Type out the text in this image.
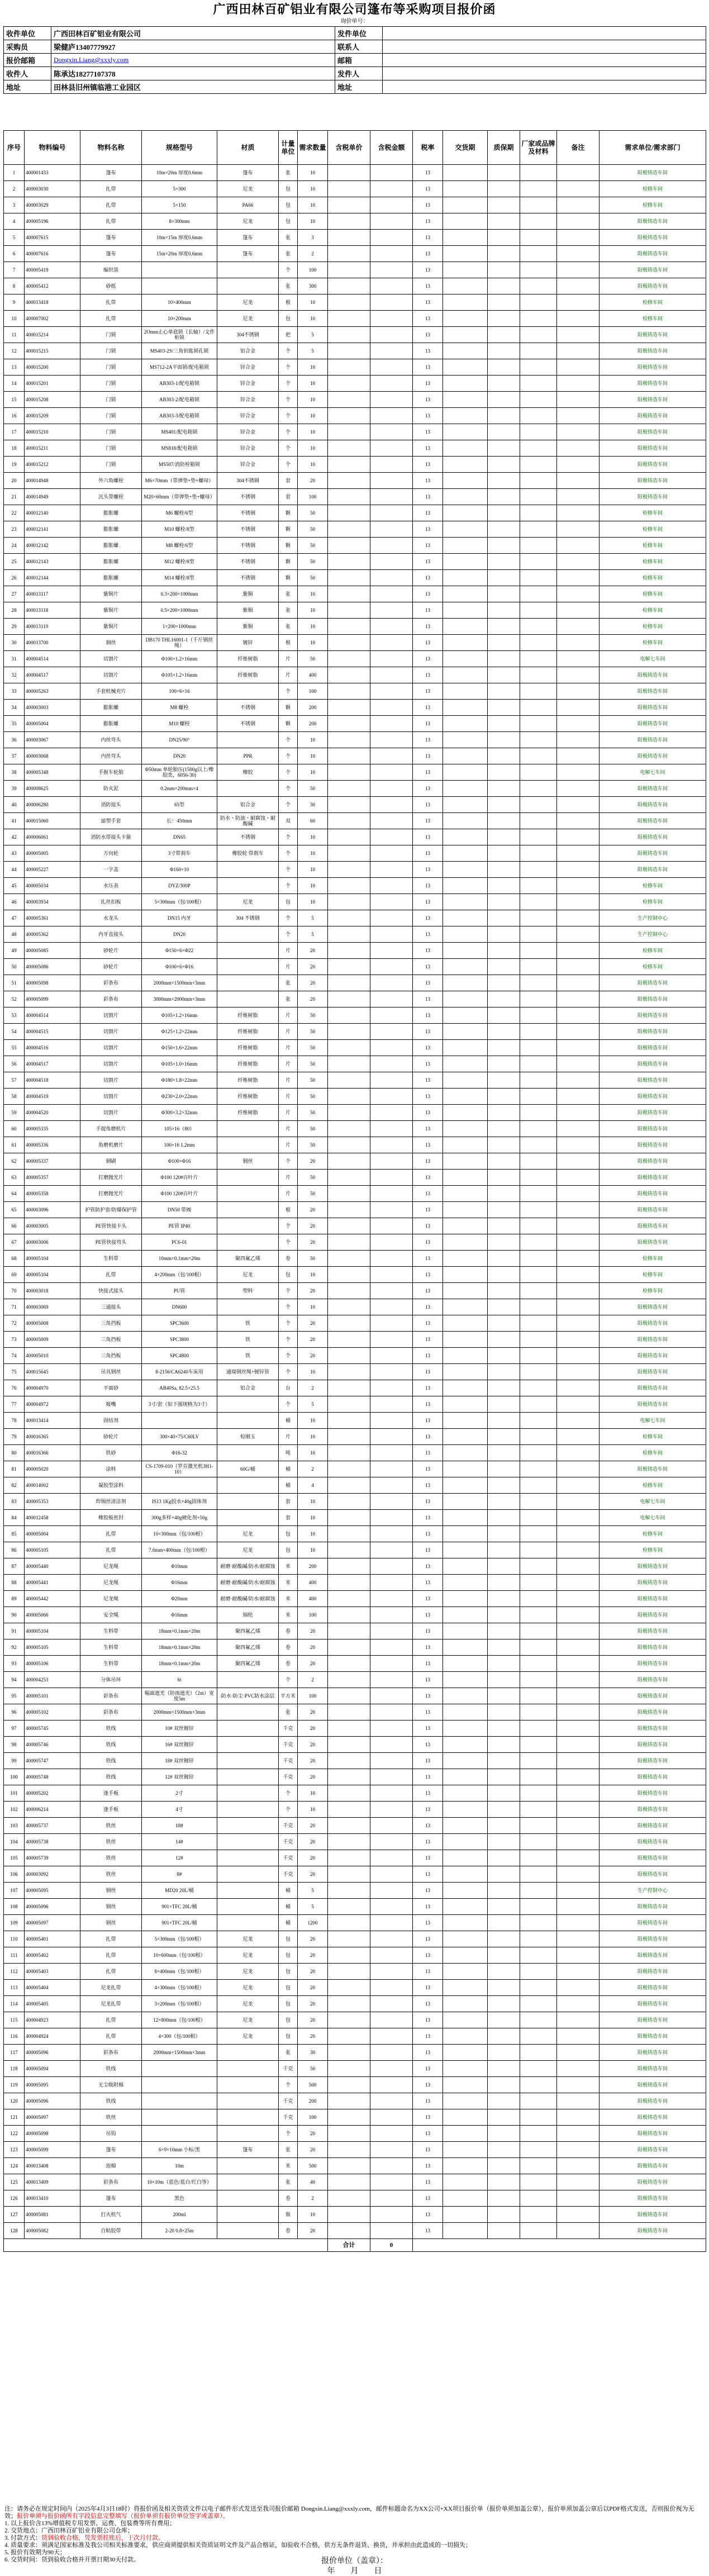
广西田林百矿铝业有限公司篷布等采购项目报价函
询价单号：
收件单位	广西田林百矿铝业有限公司	发件单位	
采购员	梁健庐13407779927	联系人	
报价邮箱	Dongxin.Liang@xxxly.com	邮箱	
收件人	陈承达18277107378	发件人	
地址	田林县旧州镇临港工业园区	地址	
序号	物料编号	物料名称	规格型号	材质	计量单位	需求数量	含税单价	含税金额	税率	交货期	质保期	厂家或品牌及材料	备注	需求单位/需求部门
1	400001433	篷布	10m×20m 厚度0.6mm	篷布	张	10			13					阳极铸造车间
2	400003030	扎带	5×300	尼龙	包	10			13					检修车间
3	400003029	扎带	5×150	PA66	包	10			13					检修车间
4	400005196	扎带	8×300mm	尼龙	包	10			13					阳极铸造车间
5	400007615	篷布	10m×15m 厚度0.6mm	篷布	张	3			13					阳极铸造车间
6	400007616	篷布	15m×20m 厚度0.6mm	篷布	张	2			13					阳极铸造车间
7	400005419	编织袋			个	100			13					阳极铸造车间
8	400005412	砂纸			张	300			13					阳极铸造车间
9	400013418	扎带	10×400mm	尼龙	根	10			13					检修车间
10	400007002	扎带	10×200mm	尼龙	包	10			13					检修车间
11	400015214	门锁	2Omm止心单底锁（长轴）/文件柜锁	304不锈钢	把	5			13					阳极铸造车间
12	400015215	门锁	MS403-2S/三角钥匙锁孔锁	铝合金	个	5			13					阳极铸造车间
13	400015200	门锁	MS712-2A平面锁/配电箱锁	锌合金	个	10			13					阳极铸造车间
14	400015201	门锁	AB303-1/配电箱锁	锌合金	个	10			13					阳极铸造车间
15	400015208	门锁	AB303-2/配电箱锁	锌合金	个	10			13					阳极铸造车间
16	400015209	门锁	AB303-3/配电箱锁	锌合金	个	10			13					阳极铸造车间
17	400015210	门锁	MS401/配电箱锁	锌合金	个	10			13					阳极铸造车间
18	400015211	门锁	MS818/配电箱锁	锌合金	个	10			13					阳极铸造车间
19	400015212	门锁	MS507/消防栓箱锁	锌合金	个	10			13					阳极铸造车间
20	400014948	外六角螺栓	M6×70mm（带弹垫+垫+螺母）	304不锈钢	套	20			13					阳极铸造车间
21	400014949	沉头带螺栓	M20×60mm（带弹垫+垫+螺母）	不锈钢	套	100			13					阳极铸造车间
22	400012140	膨胀螺	M6 螺栓/6型	不锈钢	颗	50			13					检修车间
23	400012141	膨胀螺	M10 螺栓/8型	不锈钢	颗	50			13					检修车间
24	400012142	膨胀螺	M8 螺栓/6型	不锈钢	颗	50			13					检修车间
25	400012143	膨胀螺	M12 螺栓/8型	不锈钢	颗	50			13					检修车间
26	400012144	膨胀螺	M14 螺栓/8型	不锈钢	颗	50			13					检修车间
27	400013117	紫铜片	0.3×200×1000mm	紫铜	张	10			13					检修车间
28	400013118	紫铜片	0.5×200×1000mm	紫铜	张	10			13					检修车间
29	400013119	紫铜片	1×200×1000mm	紫铜	张	10			13					检修车间
30	400013700	钢丝	DB170 THL16001-1（千斤钢丝绳）	镀锌	根	10			13					检修车间
31	400004514	切割片	Φ100×1.2×16mm	纤维树脂	片	50			13					电解七车间
32	400004517	切割片	Φ105×1.2×16mm	纤维树脂	片	400			13					阳极铸造车间
33	400005263	手套机械充片	100×6×16		个	100			13					阳极铸造车间
34	400003003	膨胀螺	M8 螺栓	不锈钢	颗	200			13					阳极铸造车间
35	400005004	膨胀螺	M10 螺栓	不锈钢	颗	200			13					阳极铸造车间
36	400003067	内丝弯头	DN25/90°		个	10			13					阳极铸造车间
37	400003068	内丝弯头	DN20	PPR	个	10			13					阳极铸造车间
38	400005348	手握车轮胎	Φ50mm 单轮胎压(1500g以上/橡胶类，6056-30)	橡胶	个	10			13					电解七车间
39	400008625	防火泥	0.2mm×200mm×4		个	50			13					阳极铸造车间
40	400006280	消防接头	65型	铝合金	个	30			13					阳极铸造车间
41	400015060	滤塑手套	长：450mm	防水・防油・耐腐蚀・耐酸碱	双	60			13					阳极铸造车间
42	400006061	消防水带接头卡箍	DN65	不锈钢	个	10			13					阳极铸造车间
43	400005005	万向轮	3寸带刹车	橡胶轮 带刹车	个	10			13					阳极铸造车间
44	400005227	一字盖	Φ160×10		个	10			13					阳极铸造车间
45	400005034	水压表	DYZ/300P		个	10			13					检修车间
46	400003934	扎丝扣板	5×300mm（包/100根）	尼龙	包	10			13					检修车间
47	400005361	水龙头	DN15 内牙	304 不锈钢	个	5			13					生产控制中心
48	400005362	内牙直接头	DN20		个	5			13					生产控制中心
49	400005085	砂轮片	Φ150×6×Φ22		片	20			13					检修车间
50	400005086	砂轮片	Φ100×6×Φ16		片	20			13					检修车间
51	400005098	彩条布	2000mm×1500mm×3mm		张	20			13					阳极铸造车间
52	400005099	彩条布	3000mm×2000mm×3mm		张	20			13					阳极铸造车间
53	400004514	切割片	Φ105×1.2×16mm	纤维树脂	片	50			13					阳极铸造车间
54	400004515	切割片	Φ125×1.2×22mm	纤维树脂	片	50			13					阳极铸造车间
55	400004516	切割片	Φ150×1.6×22mm	纤维树脂	片	50			13					阳极铸造车间
56	400004517	切割片	Φ105×1.0×16mm	纤维树脂	片	50			13					阳极铸造车间
57	400004518	切割片	Φ180×1.8×22mm	纤维树脂	片	50			13					阳极铸造车间
58	400004519	切割片	Φ230×2.0×22mm	纤维树脂	片	50			13					阳极铸造车间
59	400004520	切割片	Φ300×3.2×32mm	纤维树脂	片	50			13					阳极铸造车间
60	400005335	手提角磨机片	105×16（80）		片	50			13					阳极铸造车间
61	400005336	角磨机磨片	100×16 1.2mm		片	50			13					阳极铸造车间
62	400005337	钢刷	Φ100×Φ16	钢丝	个	20			13					阳极铸造车间
63	400005357	打磨抛光片	Φ100 120#百叶片		片	50			13					阳极铸造车间
64	400005358	打磨抛光片	Φ100 120#百叶片		片	50			13					阳极铸造车间
65	400003096	护管防护套/防爆保护管	DN50 带阀		根	20			13					阳极铸造车间
66	400003005	PE管快接卡头	PE管 IP40		个	20			13					阳极铸造车间
67	400003006	PE管快接弯头	PC6-01		个	20			13					阳极铸造车间
68	400005104	生料带	10mm×0.1mm×20m	聚四氟乙烯	卷	50			13					检修车间
69	400005104	扎带	4×200mm（包/100根）	尼龙	包	10			13					检修车间
70	400003018	快接式接头	PU管	塑料	个	20			13					检修车间
71	400003069	三通接头	DN600		个	10			13					阳极铸造车间
72	400005008	三角挡板	SPC3600	铁	个	20			13					阳极铸造车间
73	400005009	三角挡板	SPC3800	铁	个	20			13					阳极铸造车间
74	400005010	三角挡板	SPC4800	铁	个	20			13					阳极铸造车间
75	400015645	吊具钢丝	8-2156/CA6240车床用	通端钢丝绳+镀锌管	个	10			13					阳极铸造车间
76	400004970	平面砂	AB40Sa, 82.5×25.5	铝合金	台	2			13					阳极铸造车间
77	400004972	吸嘴	3寸/套（如下图规格为3寸）		个	5			13					阳极铸造车间
78	400013414	固结剂			桶	10			13					电解七车间
79	400016365	砂轮片	300×40×75/C60LV	棕刚玉	片	10			13					检修车间
80	400016366	铁砂	Φ16-32		吨	10			13					检修车间
81	400005020	涂料	CS-1709-010（罗芬激光机3H1-10）	60G/桶	桶	2			13					阳极铸造车间
82	400014002	凝胶型涂料			桶	4			13					检修车间
83	400005353	焊锡丝清洁剂	IS13 1Kg胶水+40g固体剂		套	10			13					电解七车间
84	400012458	橡胶板密封	300g多样+40g硬化剂+50g		套	10			13					电解七车间
85	400005004	扎带	10×300mm（包/100根）	尼龙	包	10			13					检修车间
86	400005105	扎带	7.6mm×400mm（包/100根）	尼龙	包	10			13					检修车间
87	400005440	尼龙绳	Φ10mm	耐磨·耐酸碱/防水/耐腐蚀	米	200			13					阳极铸造车间
88	400005441	尼龙绳	Φ16mm	耐磨·耐酸碱/防水/耐腐蚀	米	400			13					阳极铸造车间
89	400005442	尼龙绳	Φ20mm	耐磨·耐酸碱/防水/耐腐蚀	米	400			13					阳极铸造车间
90	400005066	安全绳	Φ16mm	锦纶	米	100			13					阳极铸造车间
91	400005104	生料带	18mm×0.1mm×20m	聚四氟乙烯	卷	20			13					阳极铸造车间
92	400005105	生料带	18mm×0.1mm×20m	聚四氟乙烯	卷	20			13					阳极铸造车间
93	400005106	生料带	18mm×0.1mm×20m	聚四氟乙烯	卷	20			13					阳极铸造车间
94	400004253	分体吊环	6t		个	2			13					阳极铸造车间
95	400005101	彩条布	幅面遮光（防雨遮光）（2m）宽度5m	防水·防尘·PVC防水涂层	平方米	100			13					阳极铸造车间
96	400005102	彩条布	2000mm×1500mm×3mm		张	20			13					阳极铸造车间
97	400005745	铁线	10# 双丝镀锌		千克	20			13					阳极铸造车间
98	400005746	铁线	16# 双丝镀锌		千克	20			13					阳极铸造车间
99	400005747	铁线	18# 双丝镀锌		千克	20			13					阳极铸造车间
100	400005748	铁线	12# 双丝镀锌		千克	20			13					阳极铸造车间
101	400005202	逢手板	2寸		个	10			13					阳极铸造车间
102	400006214	逢手板	4寸		个	10			13					阳极铸造车间
103	400005737	铁丝	18#		千克	20			13					阳极铸造车间
104	400005738	铁丝	14#		千克	20			13					阳极铸造车间
105	400005739	铁丝	12#		千克	20			13					阳极铸造车间
106	400003092	铁丝	8#		千克	20			13					阳极铸造车间
107	400005095	钢丝	MD20 20L/桶		桶	5			13					生产控制中心
108	400005096	钢丝	901×TFC 20L/桶		桶	5			13					阳极铸造车间
109	400005097	钢丝	901×TFC 20L/桶		桶	1200			13					阳极铸造车间
110	400005401	扎带	5×300mm（包/100根）	尼龙	包	20			13					阳极铸造车间
111	400005402	扎带	10×600mm（包/100根）	尼龙	包	20			13					阳极铸造车间
112	400005403	扎带	8×400mm（包/100根）	尼龙	包	20			13					阳极铸造车间
113	400005404	尼龙扎带	4×300mm（包/100根）	尼龙	包	20			13					阳极铸造车间
114	400005405	尼龙扎带	3×200mm（包/100根）	尼龙	包	20			13					阳极铸造车间
115	400004923	扎带	12×800mm（包/100根）	尼龙	包	20			13					阳极铸造车间
116	400004924	扎带	4×300（包/100根）	尼龙	包	20			13					阳极铸造车间
117	400005096	彩条布	2000mm×1500mm×3mm		张	30			13					阳极铸造车间
118	400005094	铁线			千克	50			13					阳极铸造车间
119	400005095	无尘吸附棉			个	500			13					阳极铸造车间
120	400005096	铁线			千克	200			13					阳极铸造车间
121	400005097	铁丝			千克	100			13					阳极铸造车间
122	400005098	吊钩			个	20			13					阳极铸造车间
123	400005099	篷布	6×9×10mm 小标/黑	篷布	张	20			13					阳极铸造车间
124	400013408	泡棉	10m		米	500			13					阳极铸造车间
125	400013409	彩条布	10×10m（蓝色/蓝白/红白等）		张	40			13					阳极铸造车间
126	400013410	篷布	黑色		卷	2			13					阳极铸造车间
127	400005081	打火机气	200ml		瓶	10			13					阳极铸造车间
128	400005082	自粘胶带	2-20 0.8×25m		卷	20			13					阳极铸造车间
							合计	0						

注：请务必在规定时间内（2025年4月3日18时）将报价函及相关资质文件以电子邮件形式发送至我司报价邮箱 Dongxin.Liang@xxxly.com，邮件标题命名为XX公司+XX项目报价单（报价单须加盖公章），报价单须加盖公章后以PDF格式发送，否则报价视为无效；报价单须与报价函所有字段信息完整填写（报价单须有报价单位签字或盖章）。

1. 以上报价含13%增值税专用发票、运费、包装费等所有费用；

2. 交货地点：广西田林百矿铝业有限公司仓库；

3. 付款方式：货到验收合格，凭发票挂账后，于次月付款。

4. 质量要求：须满足国家标准及我公司相关标准要求，供应商须提供相关资质证明文件及产品合格证，如验收不合格，供方无条件退货、换货，并承担由此造成的一切损失；

5. 报价有效期为90天；

6. 交货时间：货到验收合格并开票日期30天付款。	报价单位（盖章）：
年　　月　　日
